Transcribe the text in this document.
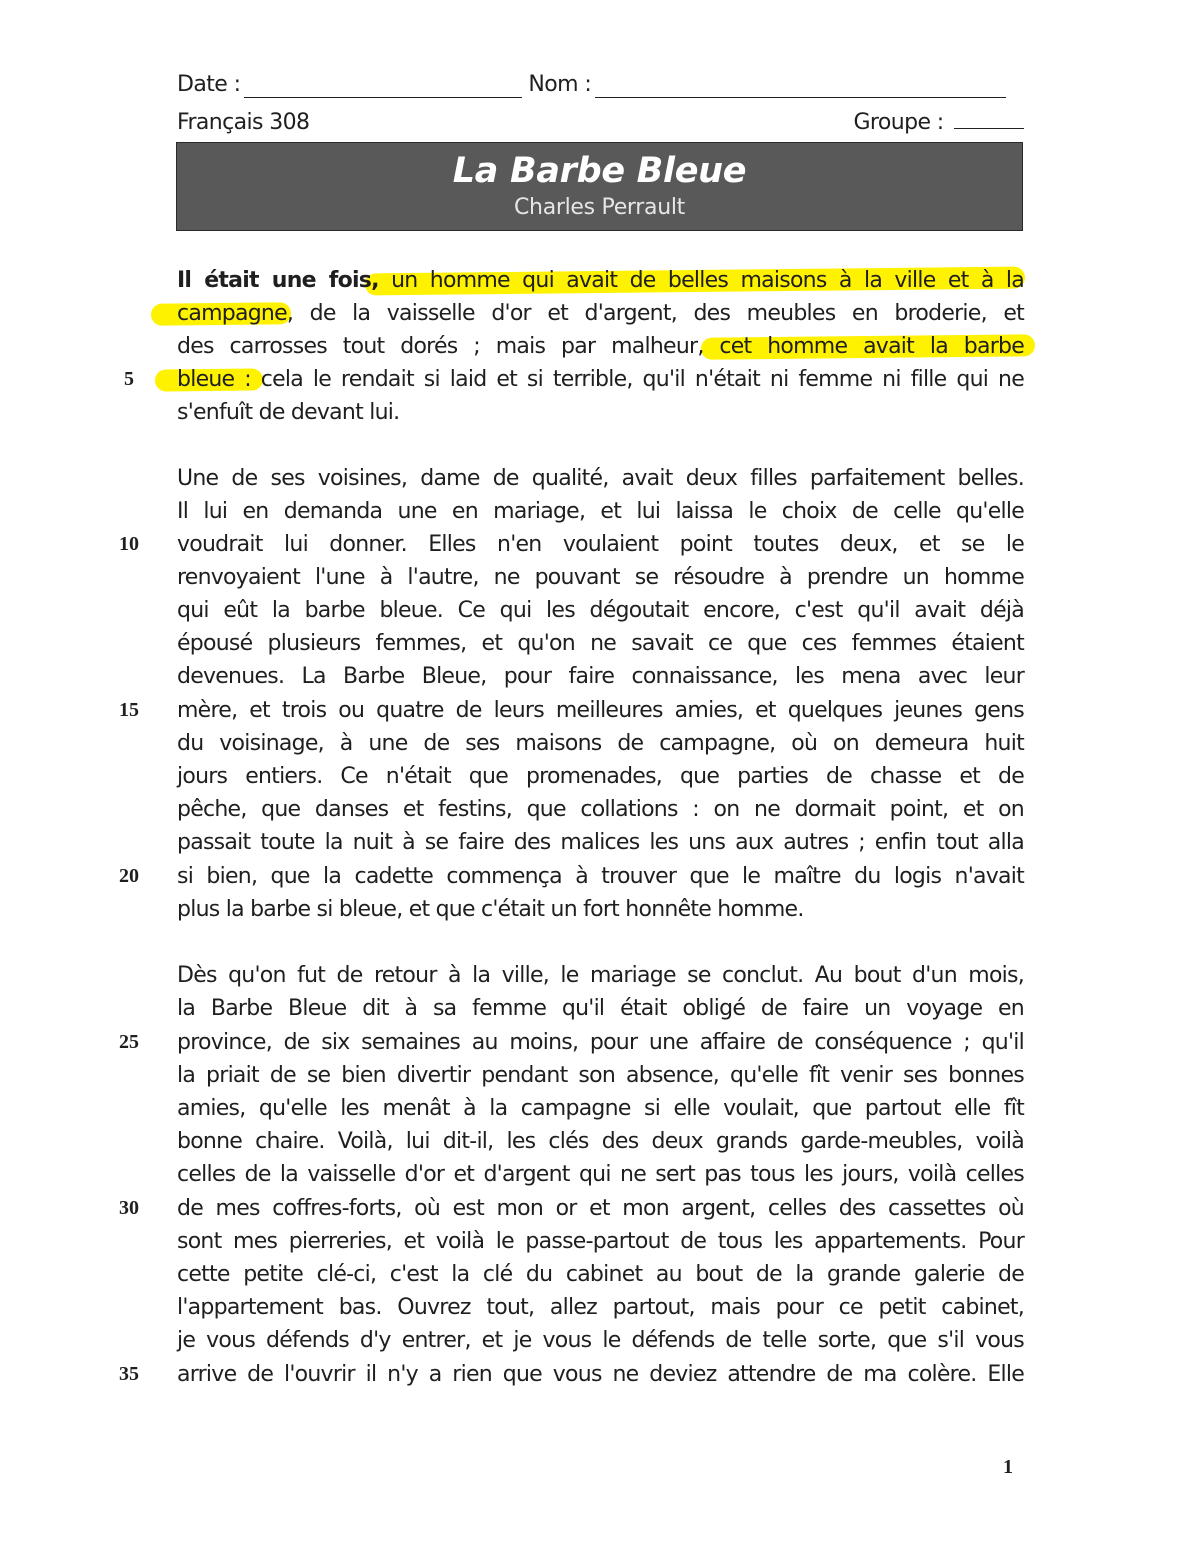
Date :	Nom :
Français 308	Groupe :
La Barbe Bleue
Charles Perrault
Il était une fois, un homme qui avait de belles maisons à la ville et à la
campagne, de la vaisselle d'or et d'argent, des meubles en broderie, et
des carrosses tout dorés ; mais par malheur, cet homme avait la barbe
bleue : cela le rendait si laid et si terrible, qu'il n'était ni femme ni fille qui ne
s'enfuît de devant lui.
Une de ses voisines, dame de qualité, avait deux filles parfaitement belles.
Il lui en demanda une en mariage, et lui laissa le choix de celle qu'elle
voudrait lui donner. Elles n'en voulaient point toutes deux, et se le
renvoyaient l'une à l'autre, ne pouvant se résoudre à prendre un homme
qui eût la barbe bleue. Ce qui les dégoutait encore, c'est qu'il avait déjà
épousé plusieurs femmes, et qu'on ne savait ce que ces femmes étaient
devenues. La Barbe Bleue, pour faire connaissance, les mena avec leur
mère, et trois ou quatre de leurs meilleures amies, et quelques jeunes gens
du voisinage, à une de ses maisons de campagne, où on demeura huit
jours entiers. Ce n'était que promenades, que parties de chasse et de
pêche, que danses et festins, que collations : on ne dormait point, et on
passait toute la nuit à se faire des malices les uns aux autres ; enfin tout alla
si bien, que la cadette commença à trouver que le maître du logis n'avait
plus la barbe si bleue, et que c'était un fort honnête homme.
Dès qu'on fut de retour à la ville, le mariage se conclut. Au bout d'un mois,
la Barbe Bleue dit à sa femme qu'il était obligé de faire un voyage en
province, de six semaines au moins, pour une affaire de conséquence ; qu'il
la priait de se bien divertir pendant son absence, qu'elle fît venir ses bonnes
amies, qu'elle les menât à la campagne si elle voulait, que partout elle fît
bonne chaire. Voilà, lui dit-il, les clés des deux grands garde-meubles, voilà
celles de la vaisselle d'or et d'argent qui ne sert pas tous les jours, voilà celles
de mes coffres-forts, où est mon or et mon argent, celles des cassettes où
sont mes pierreries, et voilà le passe-partout de tous les appartements. Pour
cette petite clé-ci, c'est la clé du cabinet au bout de la grande galerie de
l'appartement bas. Ouvrez tout, allez partout, mais pour ce petit cabinet,
je vous défends d'y entrer, et je vous le défends de telle sorte, que s'il vous
arrive de l'ouvrir il n'y a rien que vous ne deviez attendre de ma colère. Elle
5
10
15
20
25
30
35
1
